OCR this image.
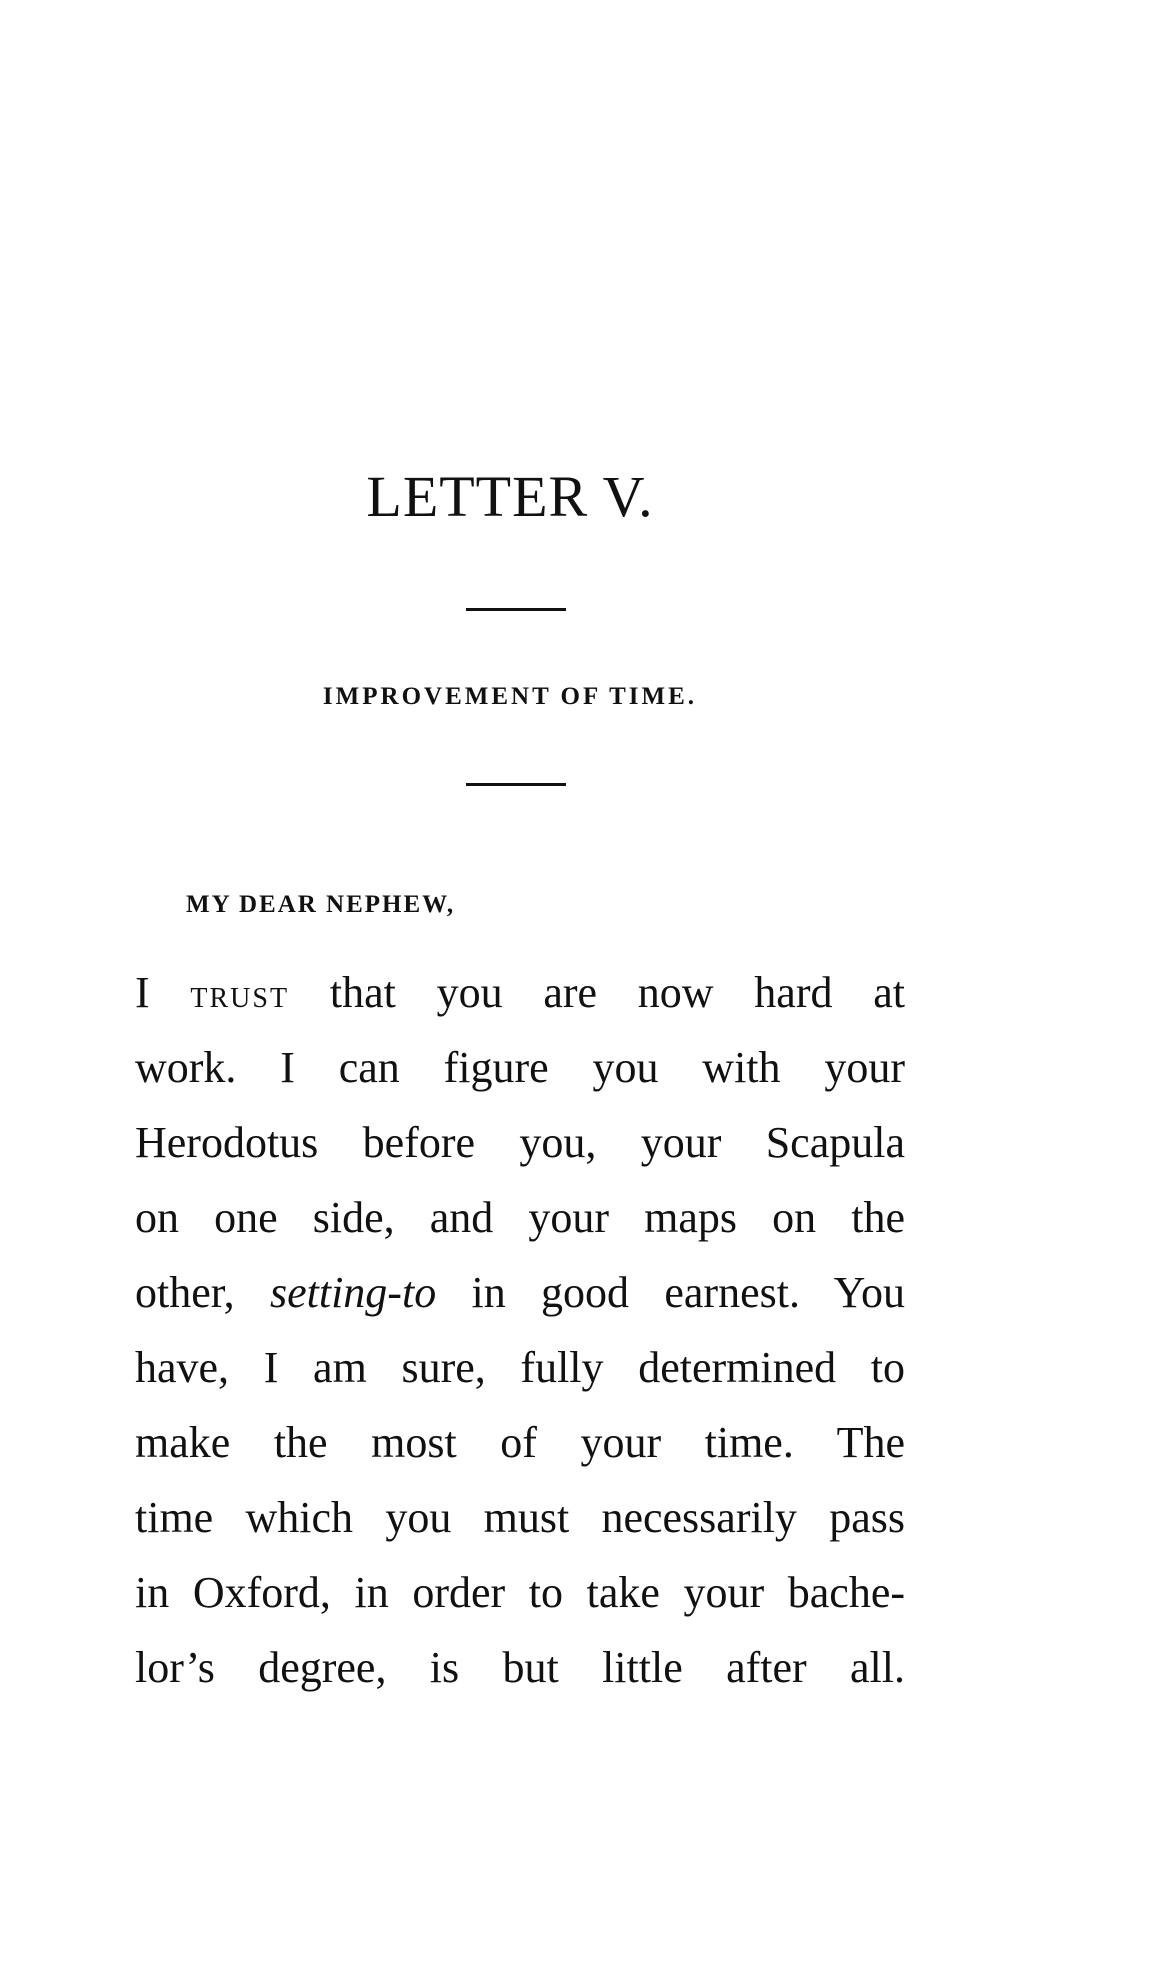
LETTER V.
IMPROVEMENT OF TIME.
MY DEAR NEPHEW,
I TRUST that you are now hard at
work. I can figure you with your
Herodotus before you, your Scapula
on one side, and your maps on the
other, setting-to in good earnest. You
have, I am sure, fully determined to
make the most of your time. The
time which you must necessarily pass
in Oxford, in order to take your bache-
lor’s degree, is but little after all.
